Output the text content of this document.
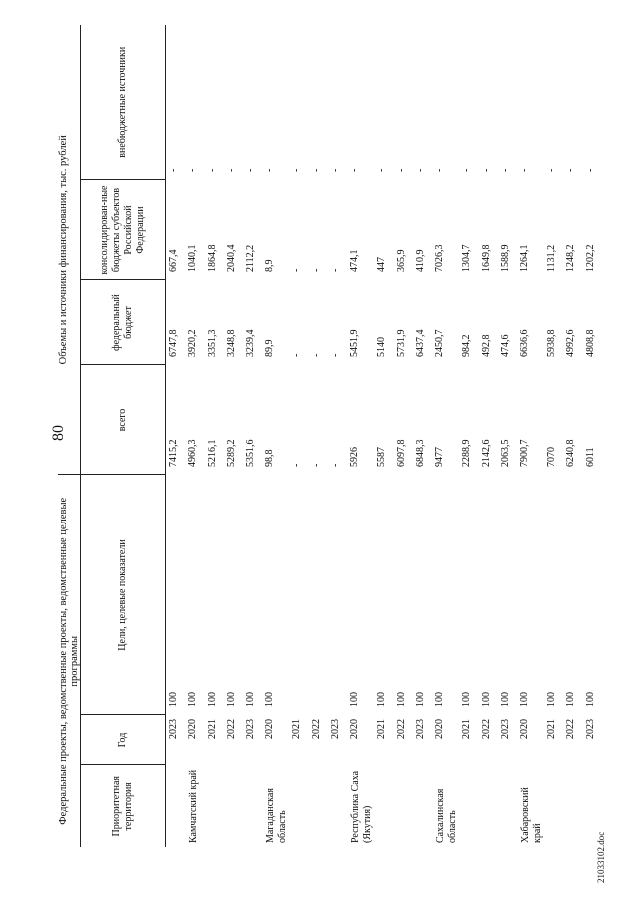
80
Федеральные проекты, ведомственные проекты, ведомственные целевые программы			Объемы и источники финансирования, тыс. рублей			
Приоритетная территория	Год	Цели, целевые показатели	всего	федеральный бюджет	консолидирован-ные бюджеты субъектов Российской Федерации	внебюджетные источники
	2023	100	7415,2	6747,8	667,4	-
Камчатский край	2020	100	4960,3	3920,2	1040,1	-
	2021	100	5216,1	3351,3	1864,8	-
	2022	100	5289,2	3248,8	2040,4	-
	2023	100	5351,6	3239,4	2112,2	-
Магаданская область	2020	100	98,8	89,9	8,9	-
	2021		-	-	-	-
	2022		-	-	-	-
	2023		-	-	-	-
Республика Саха (Якутия)	2020	100	5926	5451,9	474,1	-
	2021	100	5587	5140	447	-
	2022	100	6097,8	5731,9	365,9	-
	2023	100	6848,3	6437,4	410,9	-
Сахалинская область	2020	100	9477	2450,7	7026,3	-
	2021	100	2288,9	984,2	1304,7	-
	2022	100	2142,6	492,8	1649,8	-
	2023	100	2063,5	474,6	1588,9	-
Хабаровский край	2020	100	7900,7	6636,6	1264,1	-
	2021	100	7070	5938,8	1131,2	-
	2022	100	6240,8	4992,6	1248,2	-
	2023	100	6011	4808,8	1202,2	-
21033102.doc
